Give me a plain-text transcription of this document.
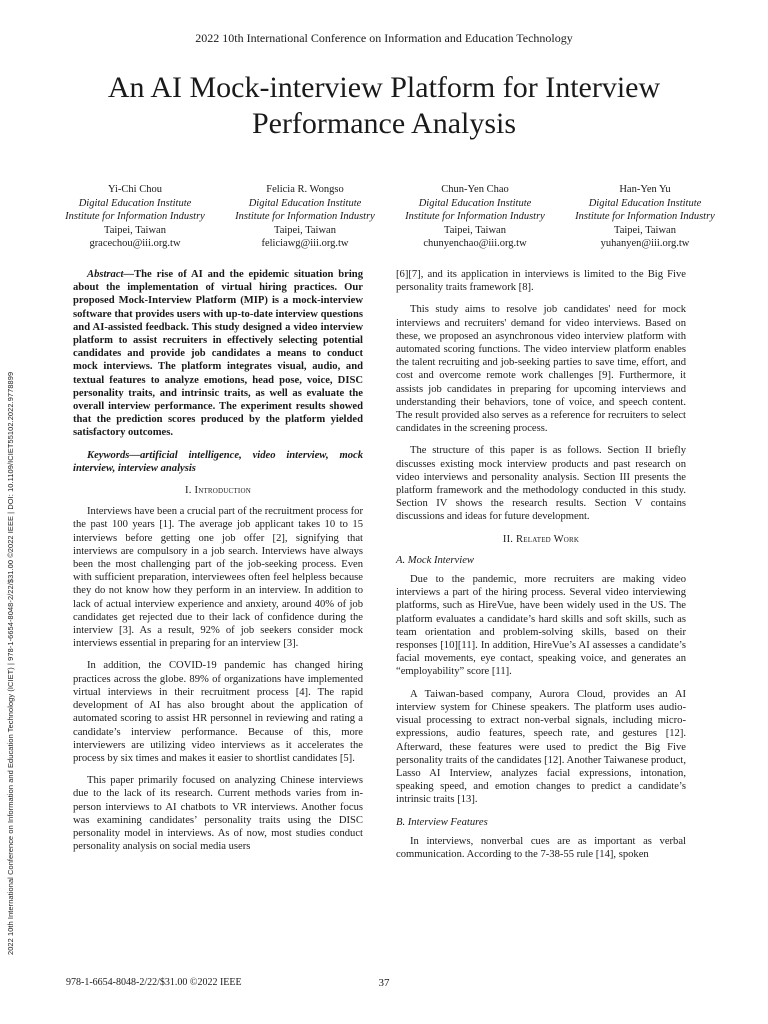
2022 10th International Conference on Information and Education Technology
An AI Mock-interview Platform for Interview Performance Analysis
Yi-Chi Chou
Digital Education Institute
Institute for Information Industry
Taipei, Taiwan
gracechou@iii.org.tw
Felicia R. Wongso
Digital Education Institute
Institute for Information Industry
Taipei, Taiwan
feliciawg@iii.org.tw
Chun-Yen Chao
Digital Education Institute
Institute for Information Industry
Taipei, Taiwan
chunyenchao@iii.org.tw
Han-Yen Yu
Digital Education Institute
Institute for Information Industry
Taipei, Taiwan
yuhanyen@iii.org.tw
2022 10th International Conference on Information and Education Technology (ICIET) | 978-1-6654-8048-2/22/$31.00 ©2022 IEEE | DOI: 10.1109/ICIET55102.2022.9778899

Abstract—The rise of AI and the epidemic situation bring about the implementation of virtual hiring practices. Our proposed Mock-Interview Platform (MIP) is a mock-interview software that provides users with up-to-date interview questions and AI-assisted feedback. This study designed a video interview platform to assist recruiters in effectively selecting potential candidates and provide job candidates a means to conduct mock interviews. The platform integrates visual, audio, and textual features to analyze emotions, head pose, voice, DISC personality traits, and intrinsic traits, as well as evaluate the overall interview performance. The experiment results showed that the prediction scores produced by the platform yielded satisfactory outcomes.

Keywords—artificial intelligence, video interview, mock interview, interview analysis

I. Introduction

Interviews have been a crucial part of the recruitment process for the past 100 years [1]. The average job applicant takes 10 to 15 interviews before getting one job offer [2], signifying that interviews are compulsory in a job search. Interviews have always been the most challenging part of the job-seeking process. Even with sufficient preparation, interviewees often feel helpless because they do not know how they perform in an interview. In addition to lack of actual interview experience and anxiety, around 40% of job candidates get rejected due to their lack of confidence during the interview [3]. As a result, 92% of job seekers consider mock interviews essential in preparing for an interview [3].

In addition, the COVID-19 pandemic has changed hiring practices across the globe. 89% of organizations have implemented virtual interviews in their recruitment process [4]. The rapid development of AI has also brought about the application of automated scoring to assist HR personnel in reviewing and rating a candidate’s interview performance. Because of this, more interviewers are utilizing video interviews as it accelerates the process by six times and makes it easier to shortlist candidates [5].

This paper primarily focused on analyzing Chinese interviews due to the lack of its research. Current methods varies from in-person interviews to AI chatbots to VR interviews. Another focus was examining candidates’ personality traits using the DISC personality model in interviews. As of now, most studies conduct personality analysis on social media users

[6][7], and its application in interviews is limited to the Big Five personality traits framework [8].

This study aims to resolve job candidates' need for mock interviews and recruiters' demand for video interviews. Based on these, we proposed an asynchronous video interview platform with automated scoring functions. The video interview platform enables the talent recruiting and job-seeking parties to save time, effort, and cost and overcome remote work challenges [9]. Furthermore, it assists job candidates in preparing for upcoming interviews and understanding their behaviors, tone of voice, and speech content. The result provided also serves as a reference for recruiters to select candidates in the screening process.

The structure of this paper is as follows. Section II briefly discusses existing mock interview products and past research on video interviews and personality analysis. Section III presents the platform framework and the methodology conducted in this study. Section IV shows the research results. Section V contains discussions and ideas for future development.

II. Related Work
A. Mock Interview

Due to the pandemic, more recruiters are making video interviews a part of the hiring process. Several video interviewing platforms, such as HireVue, have been widely used in the US. The platform evaluates a candidate’s hard skills and soft skills, such as team orientation and problem-solving skills, based on their responses [10][11]. In addition, HireVue’s AI assesses a candidate’s facial movements, eye contact, speaking voice, and generates an “employability” score [11].

A Taiwan-based company, Aurora Cloud, provides an AI interview system for Chinese speakers. The platform uses audio-visual processing to extract non-verbal signals, including micro-expressions, audio features, speech rate, and gestures [12]. Afterward, these features were used to predict the Big Five personality traits of the candidates [12]. Another Taiwanese product, Lasso AI Interview, analyzes facial expressions, intonation, speaking speed, and emotion changes to predict a candidate’s intrinsic traits [13].

B. Interview Features

In interviews, nonverbal cues are as important as verbal communication. According to the 7-38-55 rule [14], spoken

978-1-6654-8048-2/22/$31.00 ©2022 IEEE	37
